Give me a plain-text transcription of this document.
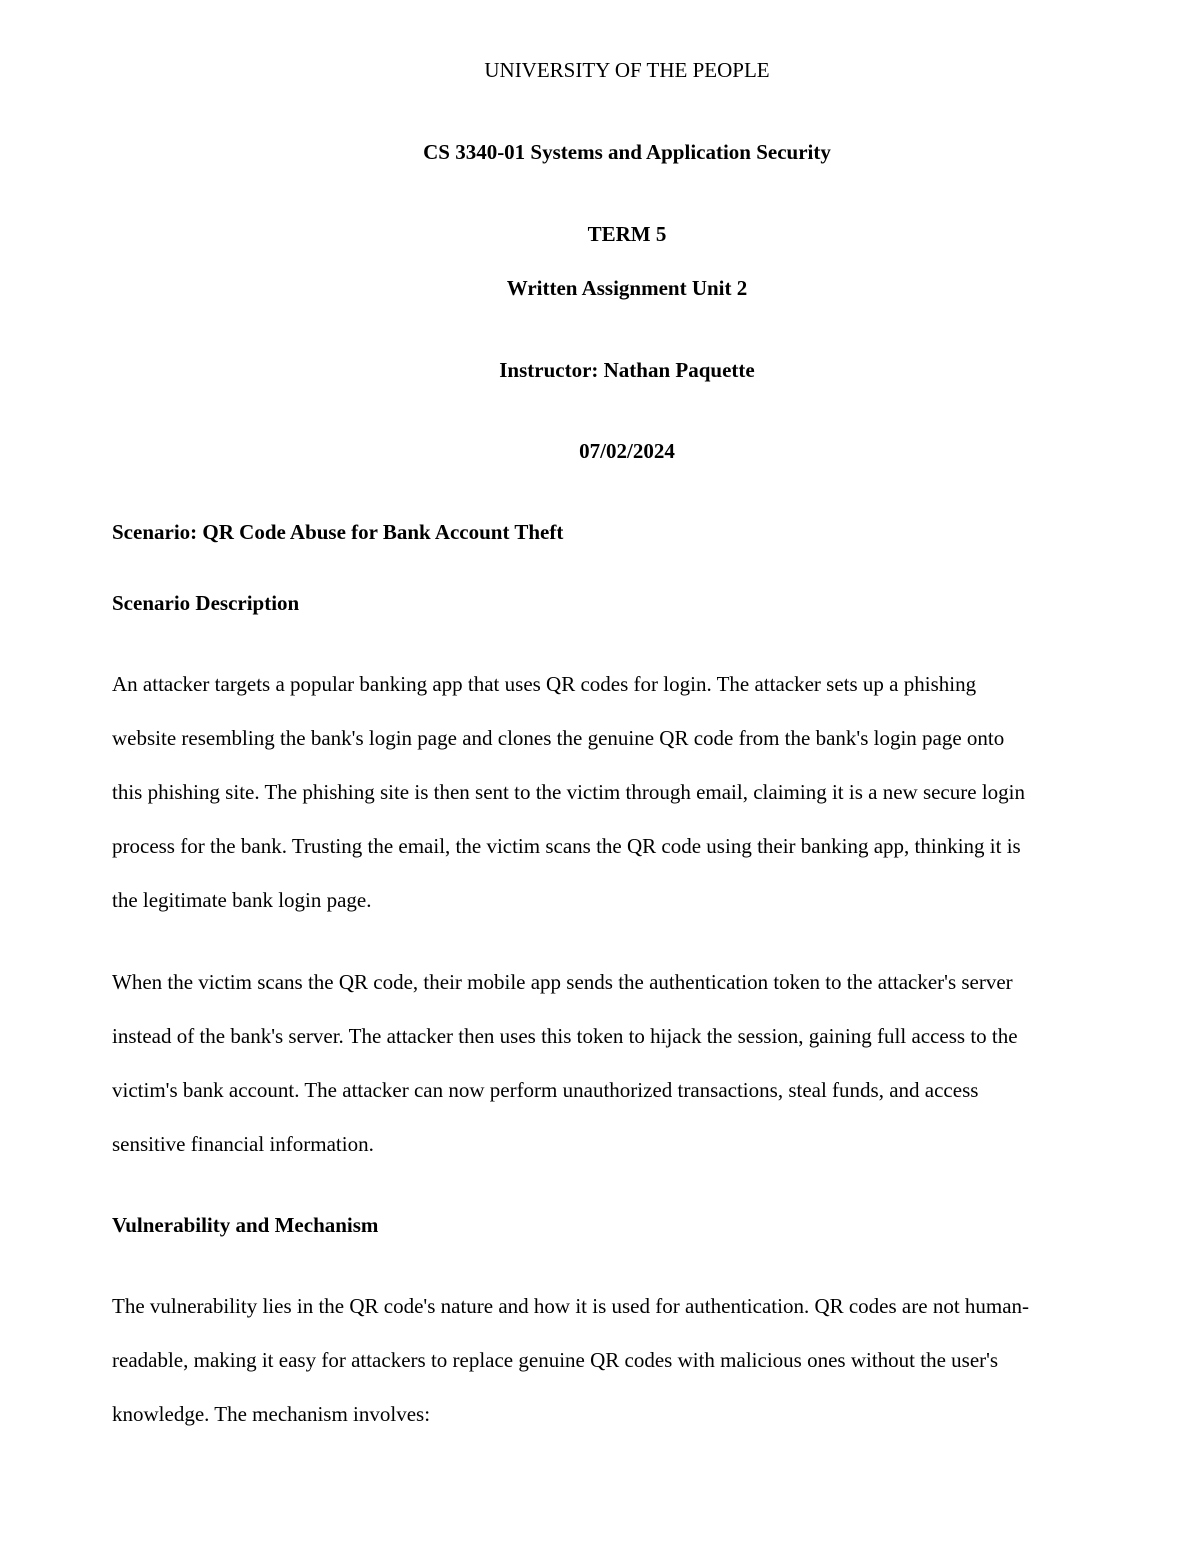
UNIVERSITY OF THE PEOPLE
CS 3340-01 Systems and Application Security
TERM 5
Written Assignment Unit 2
Instructor: Nathan Paquette
07/02/2024
Scenario: QR Code Abuse for Bank Account Theft
Scenario Description
An attacker targets a popular banking app that uses QR codes for login. The attacker sets up a phishing
website resembling the bank's login page and clones the genuine QR code from the bank's login page onto
this phishing site. The phishing site is then sent to the victim through email, claiming it is a new secure login
process for the bank. Trusting the email, the victim scans the QR code using their banking app, thinking it is
the legitimate bank login page.
When the victim scans the QR code, their mobile app sends the authentication token to the attacker's server
instead of the bank's server. The attacker then uses this token to hijack the session, gaining full access to the
victim's bank account. The attacker can now perform unauthorized transactions, steal funds, and access
sensitive financial information.
Vulnerability and Mechanism
The vulnerability lies in the QR code's nature and how it is used for authentication. QR codes are not human-
readable, making it easy for attackers to replace genuine QR codes with malicious ones without the user's
knowledge. The mechanism involves:
